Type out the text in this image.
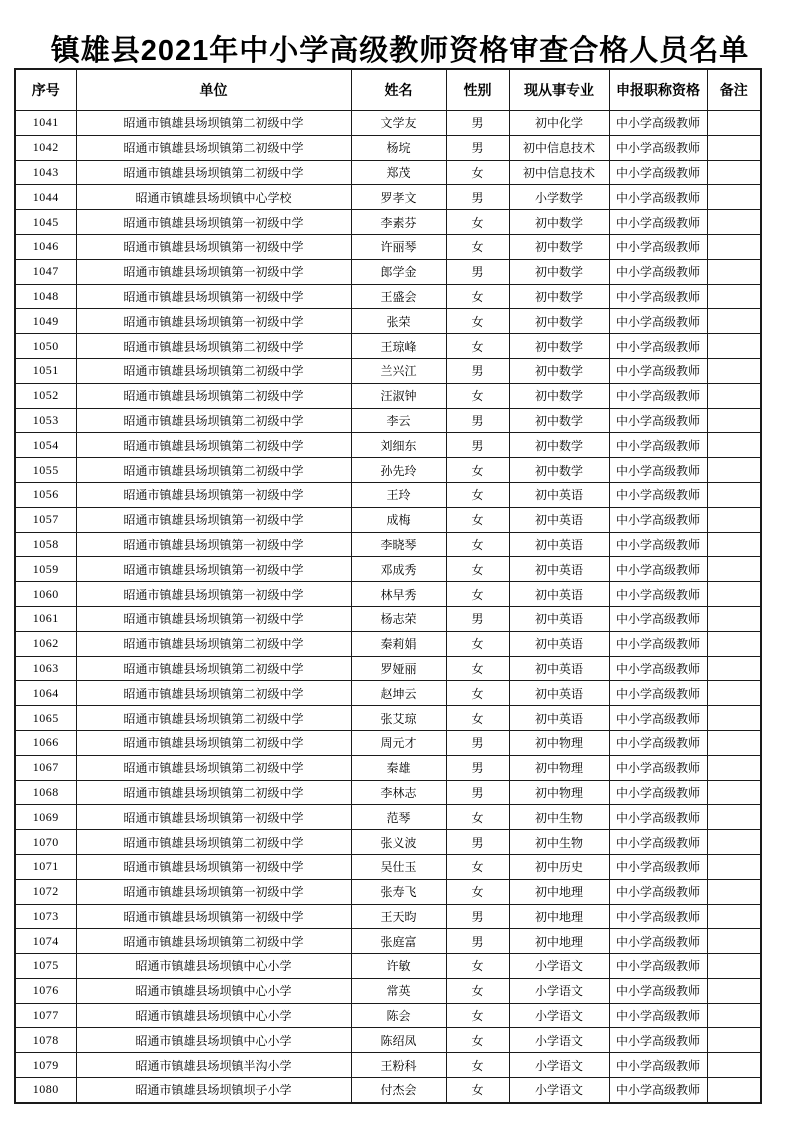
镇雄县2021年中小学高级教师资格审查合格人员名单
序号	单位	姓名	性别	现从事专业	申报职称资格	备注
1041	昭通市镇雄县场坝镇第二初级中学	文学友	男	初中化学	中小学高级教师	
1042	昭通市镇雄县场坝镇第二初级中学	杨垸	男	初中信息技术	中小学高级教师	
1043	昭通市镇雄县场坝镇第二初级中学	郑茂	女	初中信息技术	中小学高级教师	
1044	昭通市镇雄县场坝镇中心学校	罗孝文	男	小学数学	中小学高级教师	
1045	昭通市镇雄县场坝镇第一初级中学	李素芬	女	初中数学	中小学高级教师	
1046	昭通市镇雄县场坝镇第一初级中学	许丽琴	女	初中数学	中小学高级教师	
1047	昭通市镇雄县场坝镇第一初级中学	郎学金	男	初中数学	中小学高级教师	
1048	昭通市镇雄县场坝镇第一初级中学	王盛会	女	初中数学	中小学高级教师	
1049	昭通市镇雄县场坝镇第一初级中学	张荣	女	初中数学	中小学高级教师	
1050	昭通市镇雄县场坝镇第二初级中学	王琼峰	女	初中数学	中小学高级教师	
1051	昭通市镇雄县场坝镇第二初级中学	兰兴江	男	初中数学	中小学高级教师	
1052	昭通市镇雄县场坝镇第二初级中学	汪淑钟	女	初中数学	中小学高级教师	
1053	昭通市镇雄县场坝镇第二初级中学	李云	男	初中数学	中小学高级教师	
1054	昭通市镇雄县场坝镇第二初级中学	刘细东	男	初中数学	中小学高级教师	
1055	昭通市镇雄县场坝镇第二初级中学	孙先玲	女	初中数学	中小学高级教师	
1056	昭通市镇雄县场坝镇第一初级中学	王玲	女	初中英语	中小学高级教师	
1057	昭通市镇雄县场坝镇第一初级中学	成梅	女	初中英语	中小学高级教师	
1058	昭通市镇雄县场坝镇第一初级中学	李晓琴	女	初中英语	中小学高级教师	
1059	昭通市镇雄县场坝镇第一初级中学	邓成秀	女	初中英语	中小学高级教师	
1060	昭通市镇雄县场坝镇第一初级中学	林早秀	女	初中英语	中小学高级教师	
1061	昭通市镇雄县场坝镇第一初级中学	杨志荣	男	初中英语	中小学高级教师	
1062	昭通市镇雄县场坝镇第二初级中学	秦莉娟	女	初中英语	中小学高级教师	
1063	昭通市镇雄县场坝镇第二初级中学	罗娅丽	女	初中英语	中小学高级教师	
1064	昭通市镇雄县场坝镇第二初级中学	赵坤云	女	初中英语	中小学高级教师	
1065	昭通市镇雄县场坝镇第二初级中学	张艾琼	女	初中英语	中小学高级教师	
1066	昭通市镇雄县场坝镇第二初级中学	周元才	男	初中物理	中小学高级教师	
1067	昭通市镇雄县场坝镇第二初级中学	秦雄	男	初中物理	中小学高级教师	
1068	昭通市镇雄县场坝镇第二初级中学	李林志	男	初中物理	中小学高级教师	
1069	昭通市镇雄县场坝镇第一初级中学	范琴	女	初中生物	中小学高级教师	
1070	昭通市镇雄县场坝镇第二初级中学	张义波	男	初中生物	中小学高级教师	
1071	昭通市镇雄县场坝镇第一初级中学	吴仕玉	女	初中历史	中小学高级教师	
1072	昭通市镇雄县场坝镇第一初级中学	张寿飞	女	初中地理	中小学高级教师	
1073	昭通市镇雄县场坝镇第一初级中学	王天昀	男	初中地理	中小学高级教师	
1074	昭通市镇雄县场坝镇第二初级中学	张庭富	男	初中地理	中小学高级教师	
1075	昭通市镇雄县场坝镇中心小学	许敏	女	小学语文	中小学高级教师	
1076	昭通市镇雄县场坝镇中心小学	常英	女	小学语文	中小学高级教师	
1077	昭通市镇雄县场坝镇中心小学	陈会	女	小学语文	中小学高级教师	
1078	昭通市镇雄县场坝镇中心小学	陈绍凤	女	小学语文	中小学高级教师	
1079	昭通市镇雄县场坝镇半沟小学	王粉科	女	小学语文	中小学高级教师	
1080	昭通市镇雄县场坝镇坝子小学	付杰会	女	小学语文	中小学高级教师	
